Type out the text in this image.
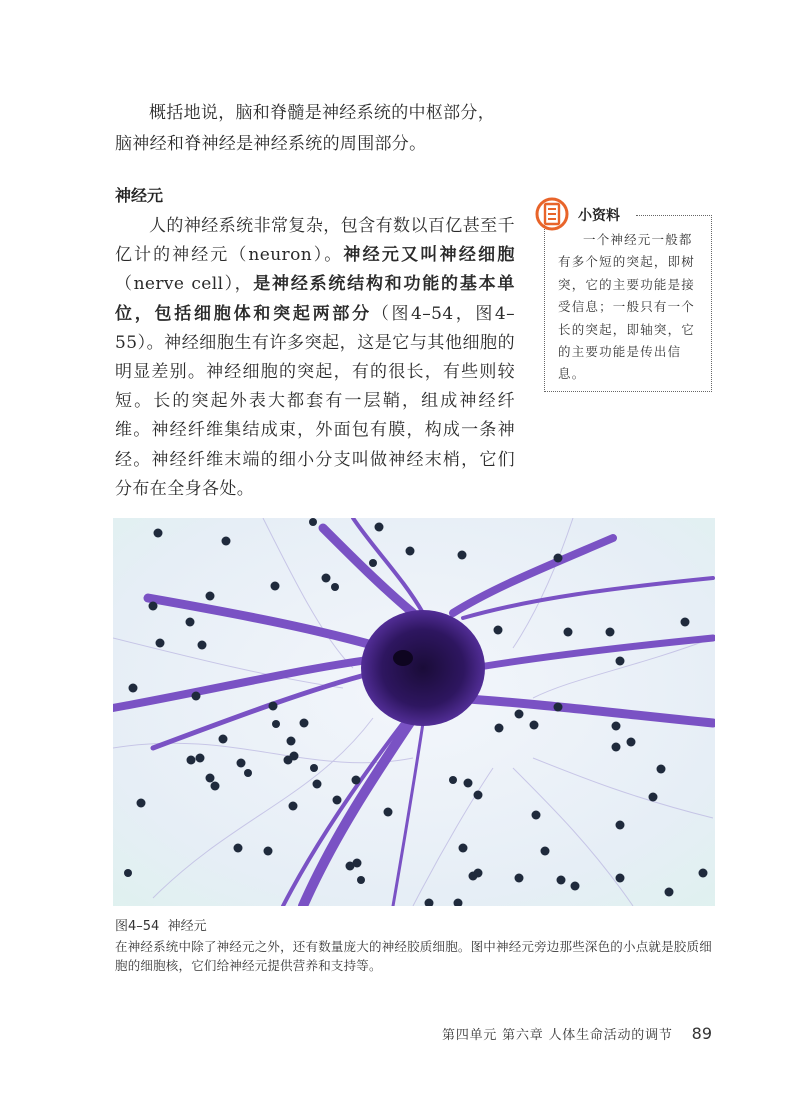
概括地说，脑和脊髓是神经系统的中枢部分，

脑神经和脊神经是神经系统的周围部分。

神经元
人的神经系统非常复杂，包含有数以百亿甚至千亿计的神经元（neuron）。神经元又叫神经细胞（nerve cell），是神经系统结构和功能的基本单位，包括细胞体和突起两部分（图4–54，图4–55）。神经细胞生有许多突起，这是它与其他细胞的明显差别。神经细胞的突起，有的很长，有些则较短。长的突起外表大都套有一层鞘，组成神经纤维。神经纤维集结成束，外面包有膜，构成一条神经。神经纤维末端的细小分支叫做神经末梢，它们分布在全身各处。
小资料

一个神经元一般都有多个短的突起，即树突，它的主要功能是接受信息；一般只有一个长的突起，即轴突，它的主要功能是传出信息。

图4–54 神经元
在神经系统中除了神经元之外，还有数量庞大的神经胶质细胞。图中神经元旁边那些深色的小点就是胶质细胞的细胞核，它们给神经元提供营养和支持等。
第四单元 第六章 人体生命活动的调节 89
